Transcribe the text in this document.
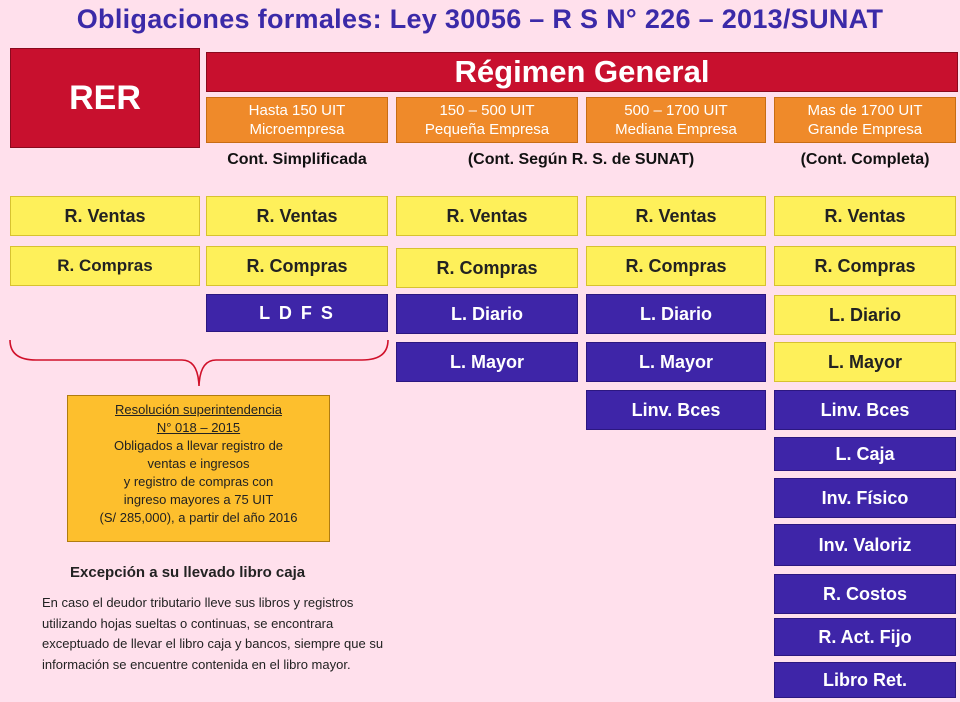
Obligaciones formales: Ley 30056 – R S N° 226 – 2013/SUNAT
RER
Régimen General
Hasta 150 UIT
Microempresa
150 – 500 UIT
Pequeña Empresa
500 – 1700 UIT
Mediana Empresa
Mas de 1700 UIT
Grande Empresa
Cont. Simplificada	(Cont. Según R. S. de SUNAT)	(Cont. Completa)
R. Ventas
R. Compras
R. Ventas
R. Compras
L D F S
R. Ventas
R. Compras
L. Diario
L. Mayor
R. Ventas
R. Compras
L. Diario
L. Mayor
Linv. Bces
R. Ventas
R. Compras
L. Diario
L. Mayor
Linv. Bces
L. Caja
Inv. Físico
Inv. Valoriz
R. Costos
R. Act. Fijo
Libro Ret.
Resolución superintendencia
N° 018 – 2015
Obligados a llevar registro de
ventas e ingresos
y registro de compras con
ingreso mayores a 75 UIT
(S/ 285,000), a partir del año 2016
Excepción a su llevado libro caja
En caso el deudor tributario lleve sus libros y registros
utilizando hojas sueltas o continuas, se encontrara
exceptuado de llevar el libro caja y bancos, siempre que su
información se encuentre contenida en el libro mayor.
